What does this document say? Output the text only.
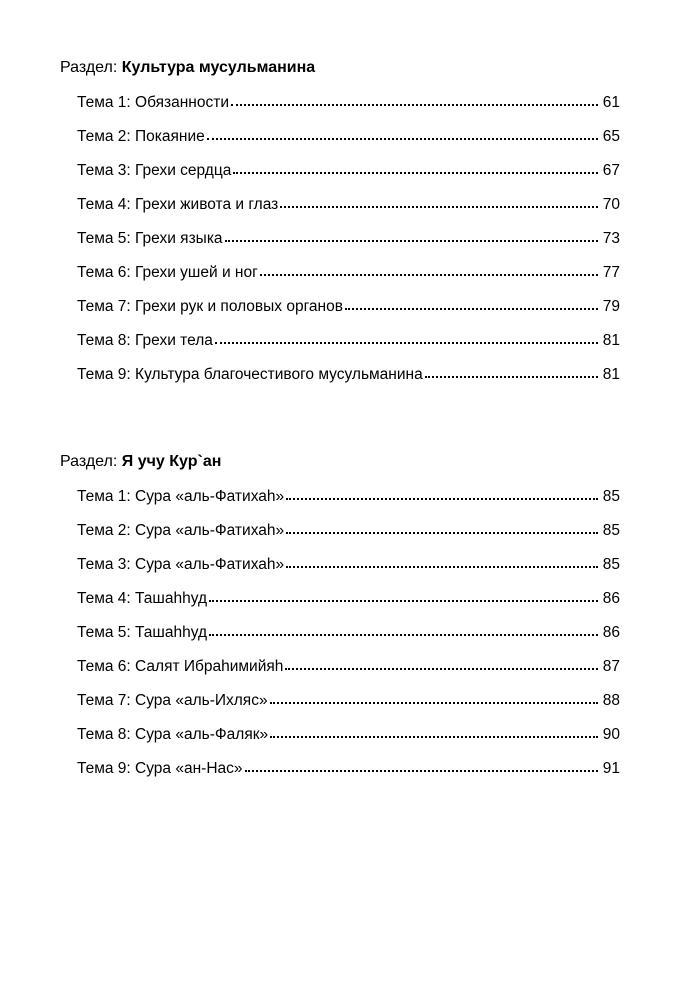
Раздел: Культура мусульманина
Тема 1: Обязанности	61
Тема 2: Покаяние	65
Тема 3: Грехи сердца	67
Тема 4: Грехи живота и глаз	70
Тема 5: Грехи языка	73
Тема 6: Грехи ушей и ног	77
Тема 7: Грехи рук и половых органов	79
Тема 8: Грехи тела	81
Тема 9: Культура благочестивого мусульманина	81
Раздел: Я учу Кур`ан
Тема 1: Сура «аль-Фатихаһ»	85
Тема 2: Сура «аль-Фатихаһ»	85
Тема 3: Сура «аль-Фатихаһ»	85
Тема 4: Ташаһһуд	86
Тема 5: Ташаһһуд	86
Тема 6: Салят Ибраһимийяһ	87
Тема 7: Сура «аль-Ихляс»	88
Тема 8: Сура «аль-Фаляк»	90
Тема 9: Сура «ан-Нас»	91
